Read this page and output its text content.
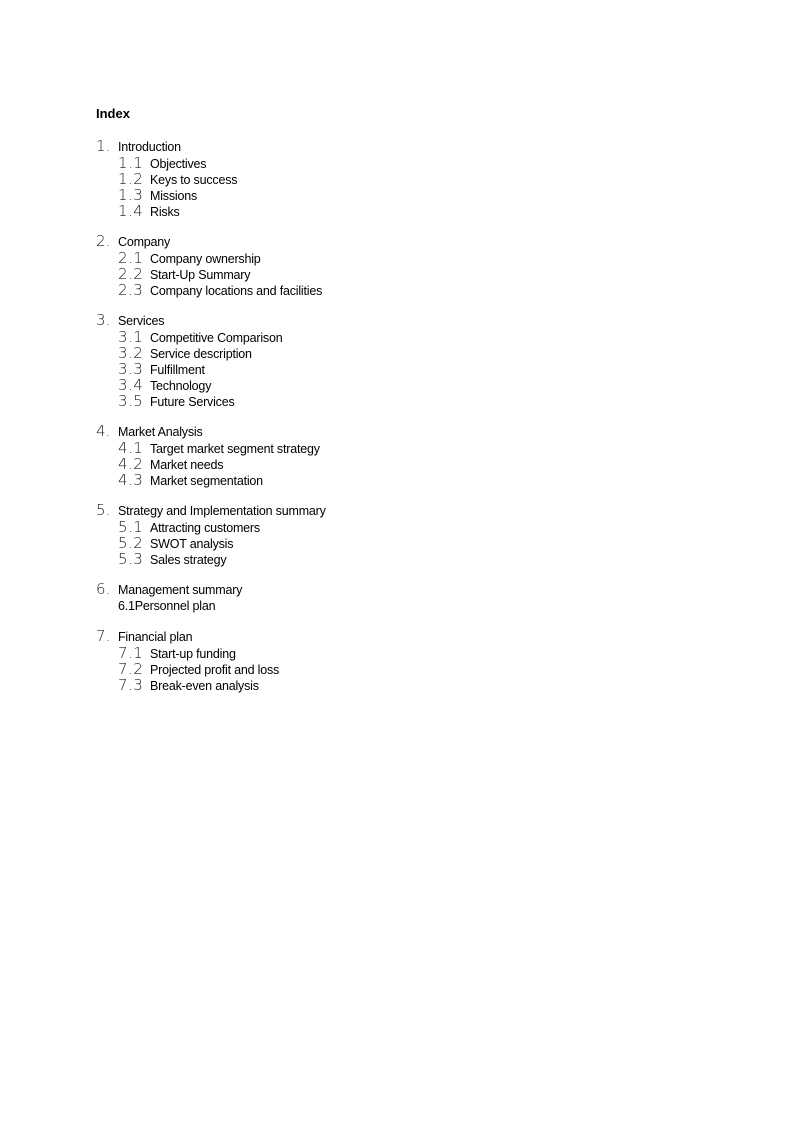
Index
1. Introduction
1.1 Objectives
1.2 Keys to success
1.3 Missions
1.4 Risks
2. Company
2.1 Company ownership
2.2 Start-Up Summary
2.3 Company locations and facilities
3. Services
3.1 Competitive Comparison
3.2 Service description
3.3 Fulfillment
3.4 Technology
3.5 Future Services
4. Market Analysis
4.1 Target market segment strategy
4.2 Market needs
4.3 Market segmentation
5. Strategy and Implementation summary
5.1 Attracting customers
5.2 SWOT analysis
5.3 Sales strategy
6. Management summary
6.1Personnel plan
7. Financial plan
7.1 Start-up funding
7.2 Projected profit and loss
7.3 Break-even analysis
